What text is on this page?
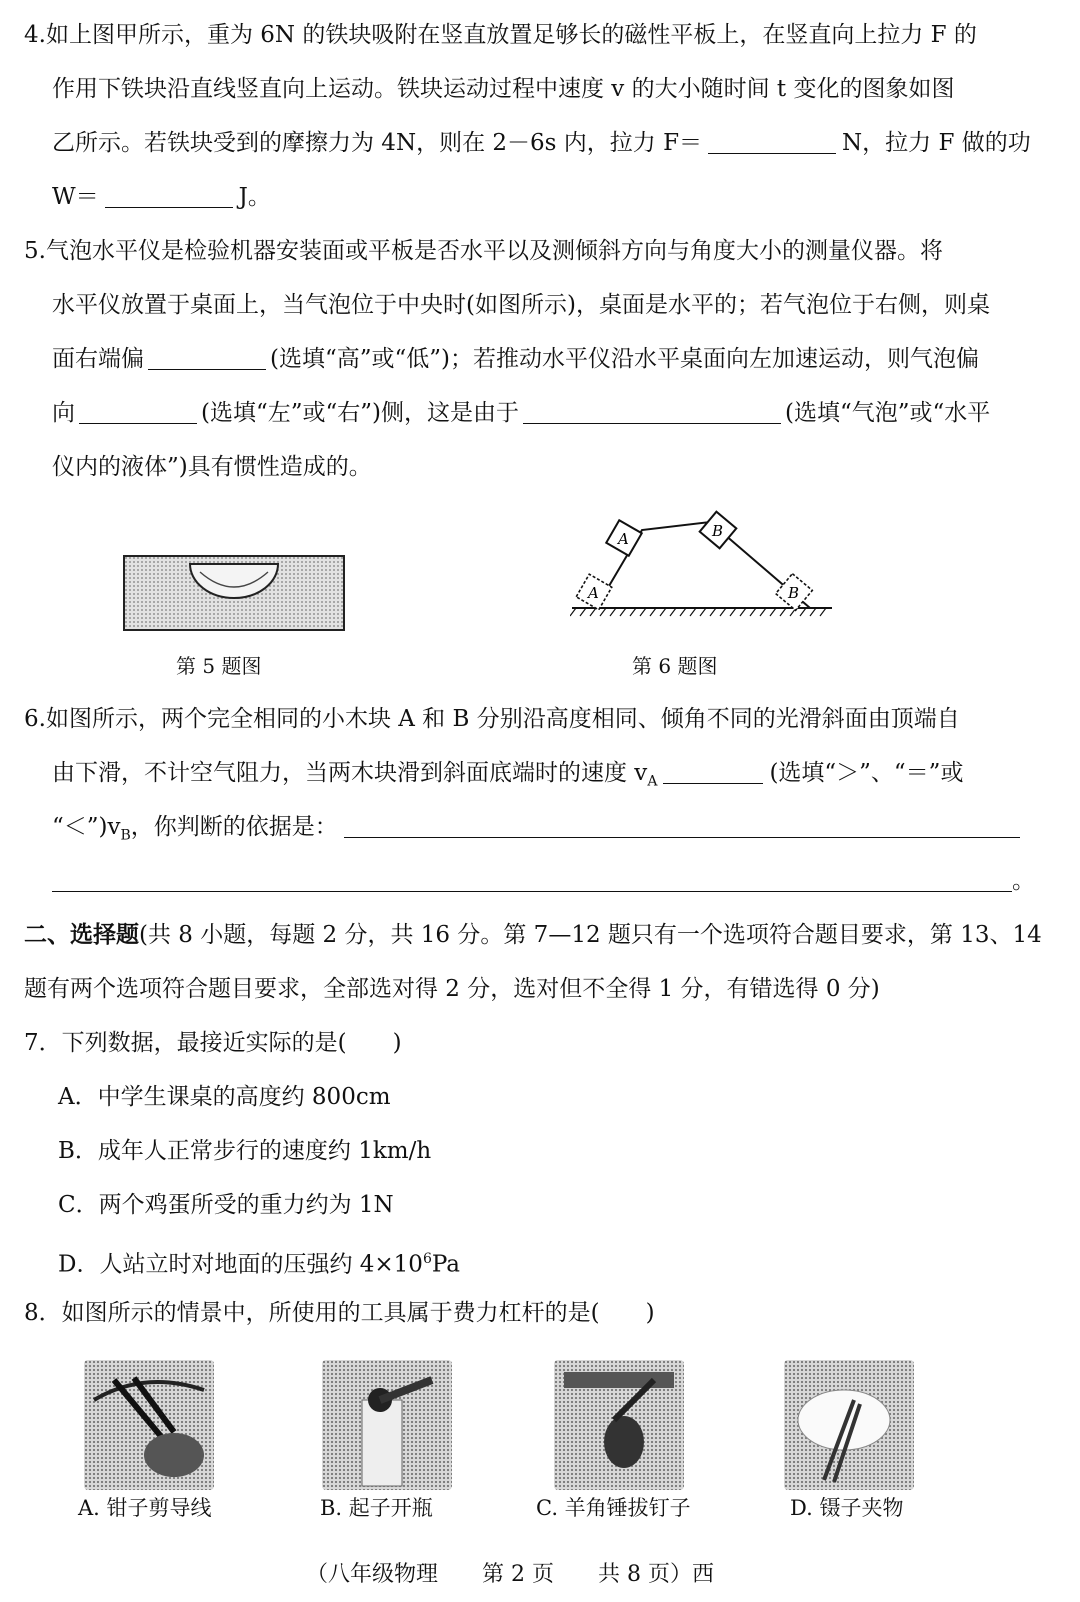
4.如上图甲所示，重为 6N 的铁块吸附在竖直放置足够长的磁性平板上，在竖直向上拉力 F 的
作用下铁块沿直线竖直向上运动。铁块运动过程中速度 v 的大小随时间 t 变化的图象如图
乙所示。若铁块受到的摩擦力为 4N，则在 2－6s 内，拉力 F＝	N，拉力 F 做的功
W＝	J。
5.气泡水平仪是检验机器安装面或平板是否水平以及测倾斜方向与角度大小的测量仪器。将
水平仪放置于桌面上，当气泡位于中央时(如图所示)，桌面是水平的；若气泡位于右侧，则桌
面右端偏	(选填“高”或“低”)；若推动水平仪沿水平桌面向左加速运动，则气泡偏
向	(选填“左”或“右”)侧，这是由于	(选填“气泡”或“水平
仪内的液体”)具有惯性造成的。
第 5 题图
A	B
A	B
第 6 题图
6.如图所示，两个完全相同的小木块 A 和 B 分别沿高度相同、倾角不同的光滑斜面由顶端自
由下滑，不计空气阻力，当两木块滑到斜面底端时的速度 $v_A$	(选填“＞”、“＝”或
“$<”)v_B$，你判断的依据是：
。
二、选择题(共 8 小题，每题 2 分，共 16 分。第 7—12 题只有一个选项符合题目要求，第 13、14
题有两个选项符合题目要求，全部选对得 2 分，选对但不全得 1 分，有错选得 0 分)
7．下列数据，最接近实际的是(　　)
A．中学生课桌的高度约 800cm
B．成年人正常步行的速度约 1km/h
C．两个鸡蛋所受的重力约为 1N
D．人站立时对地面的压强约 $4\times 10^6Pa$
8．如图所示的情景中，所使用的工具属于费力杠杆的是(　　)
A. 钳子剪导线	B. 起子开瓶	C. 羊角锤拔钉子	D. 镊子夹物
（八年级物理　　第 2 页　　共 8 页）西
